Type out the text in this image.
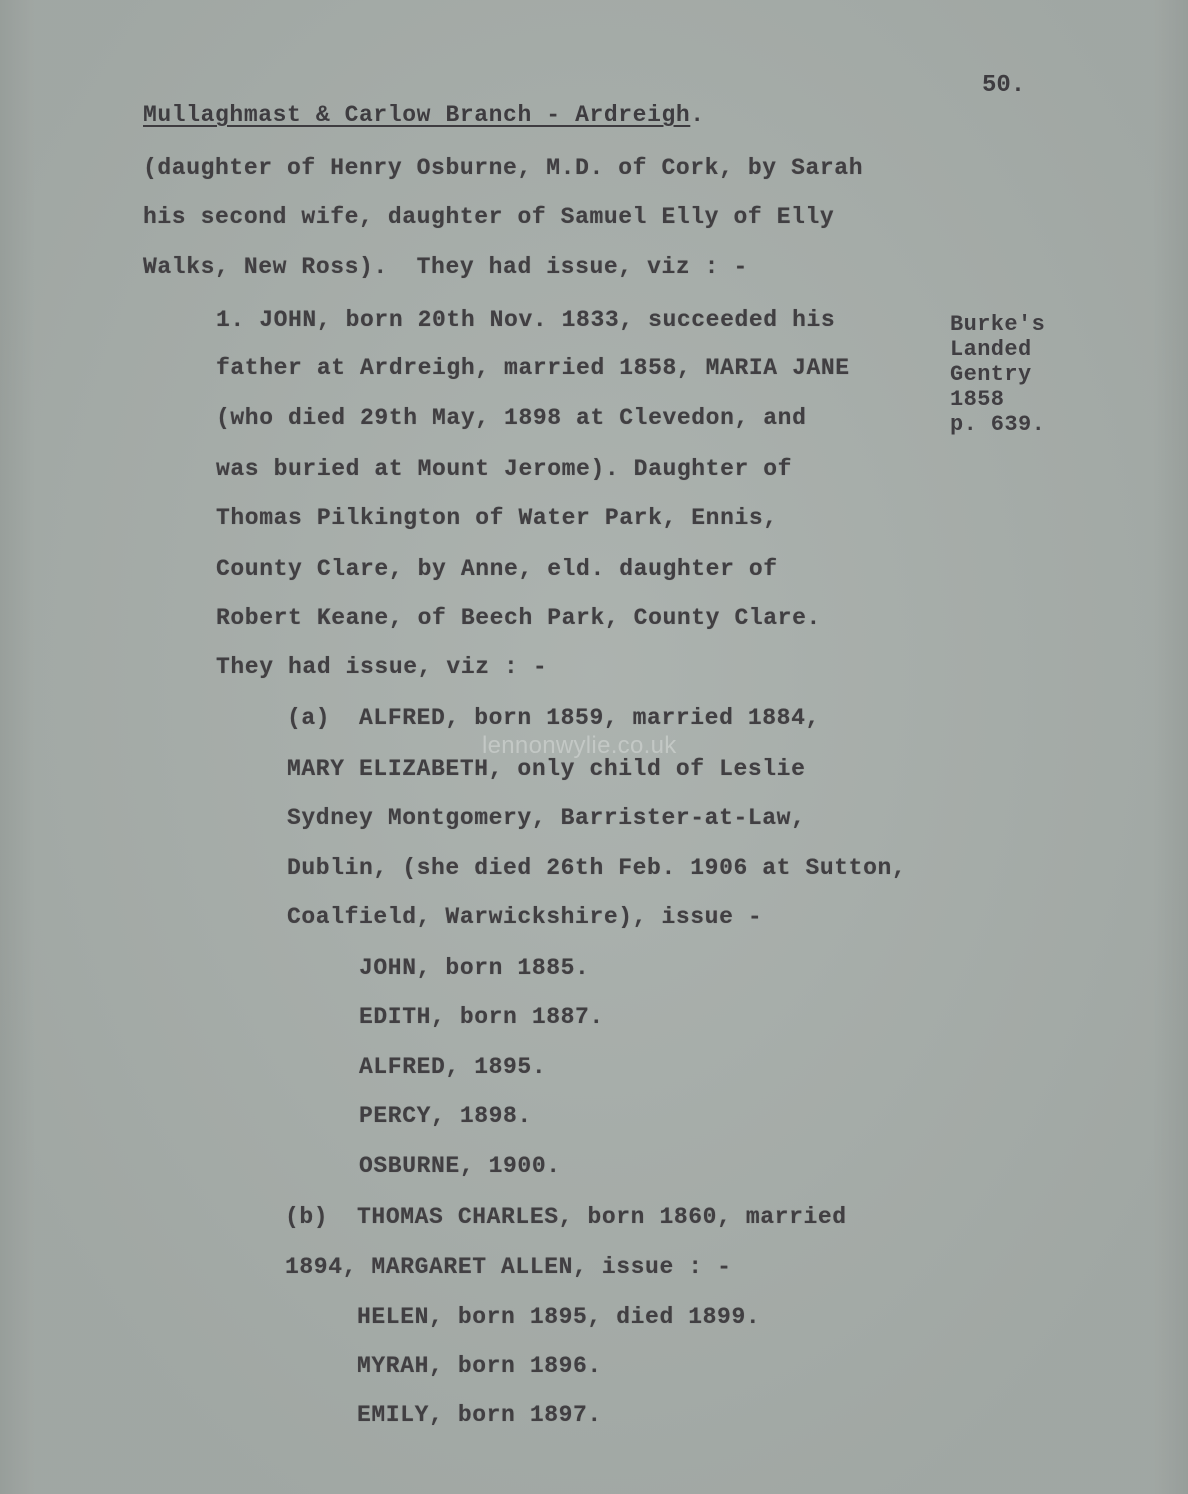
50.
Mullaghmast & Carlow Branch - Ardreigh.
(daughter of Henry Osburne, M.D. of Cork, by Sarah
his second wife, daughter of Samuel Elly of Elly
Walks, New Ross).  They had issue, viz : -
1. JOHN, born 20th Nov. 1833, succeeded his
father at Ardreigh, married 1858, MARIA JANE
(who died 29th May, 1898 at Clevedon, and
was buried at Mount Jerome). Daughter of
Thomas Pilkington of Water Park, Ennis,
County Clare, by Anne, eld. daughter of
Robert Keane, of Beech Park, County Clare.
They had issue, viz : -
(a)  ALFRED, born 1859, married 1884,
MARY ELIZABETH, only child of Leslie
Sydney Montgomery, Barrister-at-Law,
Dublin, (she died 26th Feb. 1906 at Sutton,
Coalfield, Warwickshire), issue -
JOHN, born 1885.
EDITH, born 1887.
ALFRED, 1895.
PERCY, 1898.
OSBURNE, 1900.
(b)  THOMAS CHARLES, born 1860, married
1894, MARGARET ALLEN, issue : -
HELEN, born 1895, died 1899.
MYRAH, born 1896.
EMILY, born 1897.
Burke's
Landed
Gentry
1858
p. 639.
lennonwylie.co.uk
